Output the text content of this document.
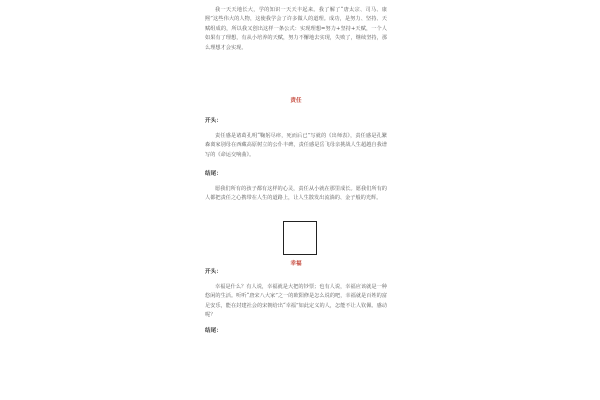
我一天天地长大，学的知识一天天丰起来。我了解了“唐太宗、司马、康熙”这些伟大的人物，这使我学会了许多做人的道理。成功，是努力、坚持、天赋组成的，所以我又创出这样一条公式：实现理想=努力+坚持+天赋，一个人如果有了理想，有从小培养的天赋，努力不懈地去实现，失败了，继续坚持，那么理想才会实现。

责任
开头：

责任感是诸葛孔明“鞠躬尽瘁，死而后已”写就的《出师表》，责任感是孔繁森离家别母在西藏高原树立的公仆丰碑，责任感是岳飞母亲挑战人生超越自我谱写的《命运交响曲》。

结尾：

愿我们所有的孩子都有这样的心灵，责任从小就在那里成长。愿我们所有的人都把责任之心携带在人生的道路上，让人生散发出流淌的、金子般的光辉。

幸福
开头：

幸福是什么？有人说，幸福就是大把的钞票；也有人说，幸福应该就是一种悠闲的生活。听听“唐宋八大家”之一的欧阳修是怎么说的吧，幸福就是百姓的富足安乐，能在封建社会的宋朝给出“幸福”如此定义的人，怎能不让人钦佩、感动呢？

结尾：
